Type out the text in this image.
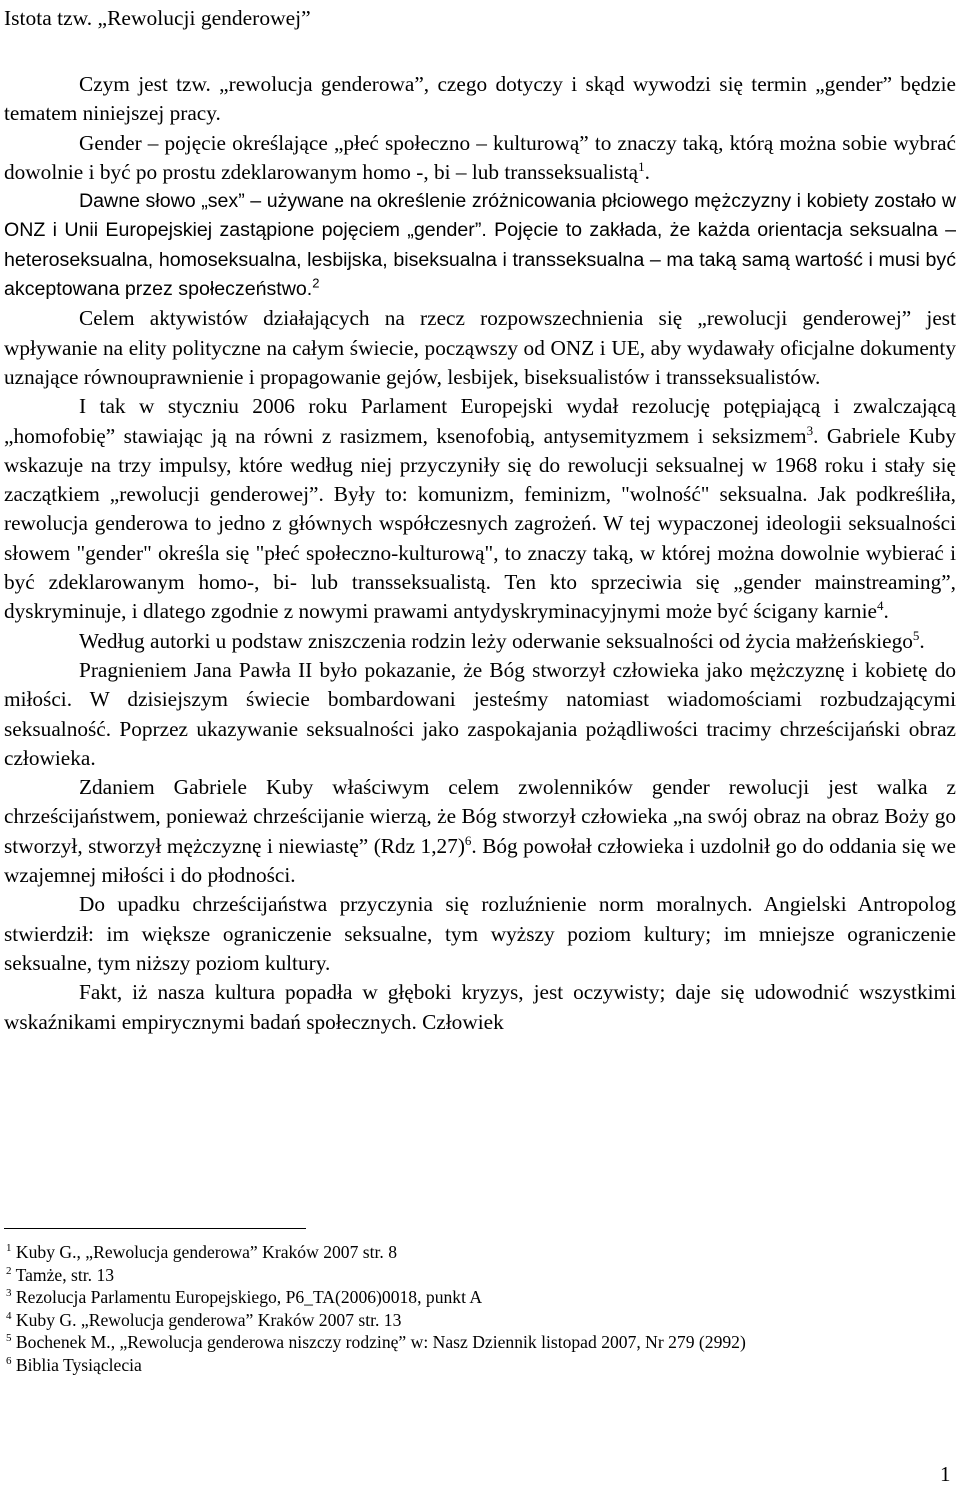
Istota tzw. „Rewolucji genderowej”

Czym jest tzw. „rewolucja genderowa”, czego dotyczy i skąd wywodzi się termin „gender” będzie tematem niniejszej pracy.

Gender – pojęcie określające „płeć społeczno – kulturową” to znaczy taką, którą można sobie wybrać dowolnie i być po prostu zdeklarowanym homo -, bi – lub transseksualistą$^1$.

Dawne słowo „sex” – używane na określenie zróżnicowania płciowego mężczyzny i kobiety zostało w ONZ i Unii Europejskiej zastąpione pojęciem „gender”. Pojęcie to zakłada, że każda orientacja seksualna – heteroseksualna, homoseksualna, lesbijska, biseksualna i transseksualna – ma taką samą wartość i musi być akceptowana przez społeczeństwo.$^2$

Celem aktywistów działających na rzecz rozpowszechnienia się „rewolucji genderowej” jest wpływanie na elity polityczne na całym świecie, począwszy od ONZ i UE, aby wydawały oficjalne dokumenty uznające równouprawnienie i propagowanie gejów, lesbijek, biseksualistów i transseksualistów.

I tak w styczniu 2006 roku Parlament Europejski wydał rezolucję potępiającą i zwalczającą „homofobię” stawiając ją na równi z rasizmem, ksenofobią, antysemityzmem i seksizmem$^3$. Gabriele Kuby wskazuje na trzy impulsy, które według niej przyczyniły się do rewolucji seksualnej w 1968 roku i stały się zaczątkiem „rewolucji genderowej”. Były to: komunizm, feminizm, "wolność" seksualna. Jak podkreśliła, rewolucja genderowa to jedno z głównych współczesnych zagrożeń. W tej wypaczonej ideologii seksualności słowem "gender" określa się "płeć społeczno-kulturową", to znaczy taką, w której można dowolnie wybierać i być zdeklarowanym homo-, bi- lub transseksualistą. Ten kto sprzeciwia się „gender mainstreaming”, dyskryminuje, i dlatego zgodnie z nowymi prawami antydyskryminacyjnymi może być ścigany karnie$^4$.

Według autorki u podstaw zniszczenia rodzin leży oderwanie seksualności od życia małżeńskiego$^5$.

Pragnieniem Jana Pawła II było pokazanie, że Bóg stworzył człowieka jako mężczyznę i kobietę do miłości. W dzisiejszym świecie bombardowani jesteśmy natomiast wiadomościami rozbudzającymi seksualność. Poprzez ukazywanie seksualności jako zaspokajania pożądliwości tracimy chrześcijański obraz człowieka.

Zdaniem Gabriele Kuby właściwym celem zwolenników gender rewolucji jest walka z chrześcijaństwem, ponieważ chrześcijanie wierzą, że Bóg stworzył człowieka „na swój obraz na obraz Boży go stworzył, stworzył mężczyznę i niewiastę” (Rdz 1,27)$^6$. Bóg powołał człowieka i uzdolnił go do oddania się we wzajemnej miłości i do płodności.

Do upadku chrześcijaństwa przyczynia się rozluźnienie norm moralnych. Angielski Antropolog stwierdził: im większe ograniczenie seksualne, tym wyższy poziom kultury; im mniejsze ograniczenie seksualne, tym niższy poziom kultury.

Fakt, iż nasza kultura popadła w głęboki kryzys, jest oczywisty; daje się udowodnić wszystkimi wskaźnikami empirycznymi badań społecznych. Człowiek

$^1$ Kuby G., „Rewolucja genderowa” Kraków 2007 str. 8
$^2$ Tamże, str. 13
$^3$ Rezolucja Parlamentu Europejskiego, P6_TA(2006)0018, punkt A
$^4$ Kuby G. „Rewolucja genderowa” Kraków 2007 str. 13
$^5$ Bochenek M., „Rewolucja genderowa niszczy rodzinę” w: Nasz Dziennik listopad 2007, Nr 279 (2992)
$^6$ Biblia Tysiąclecia
1
